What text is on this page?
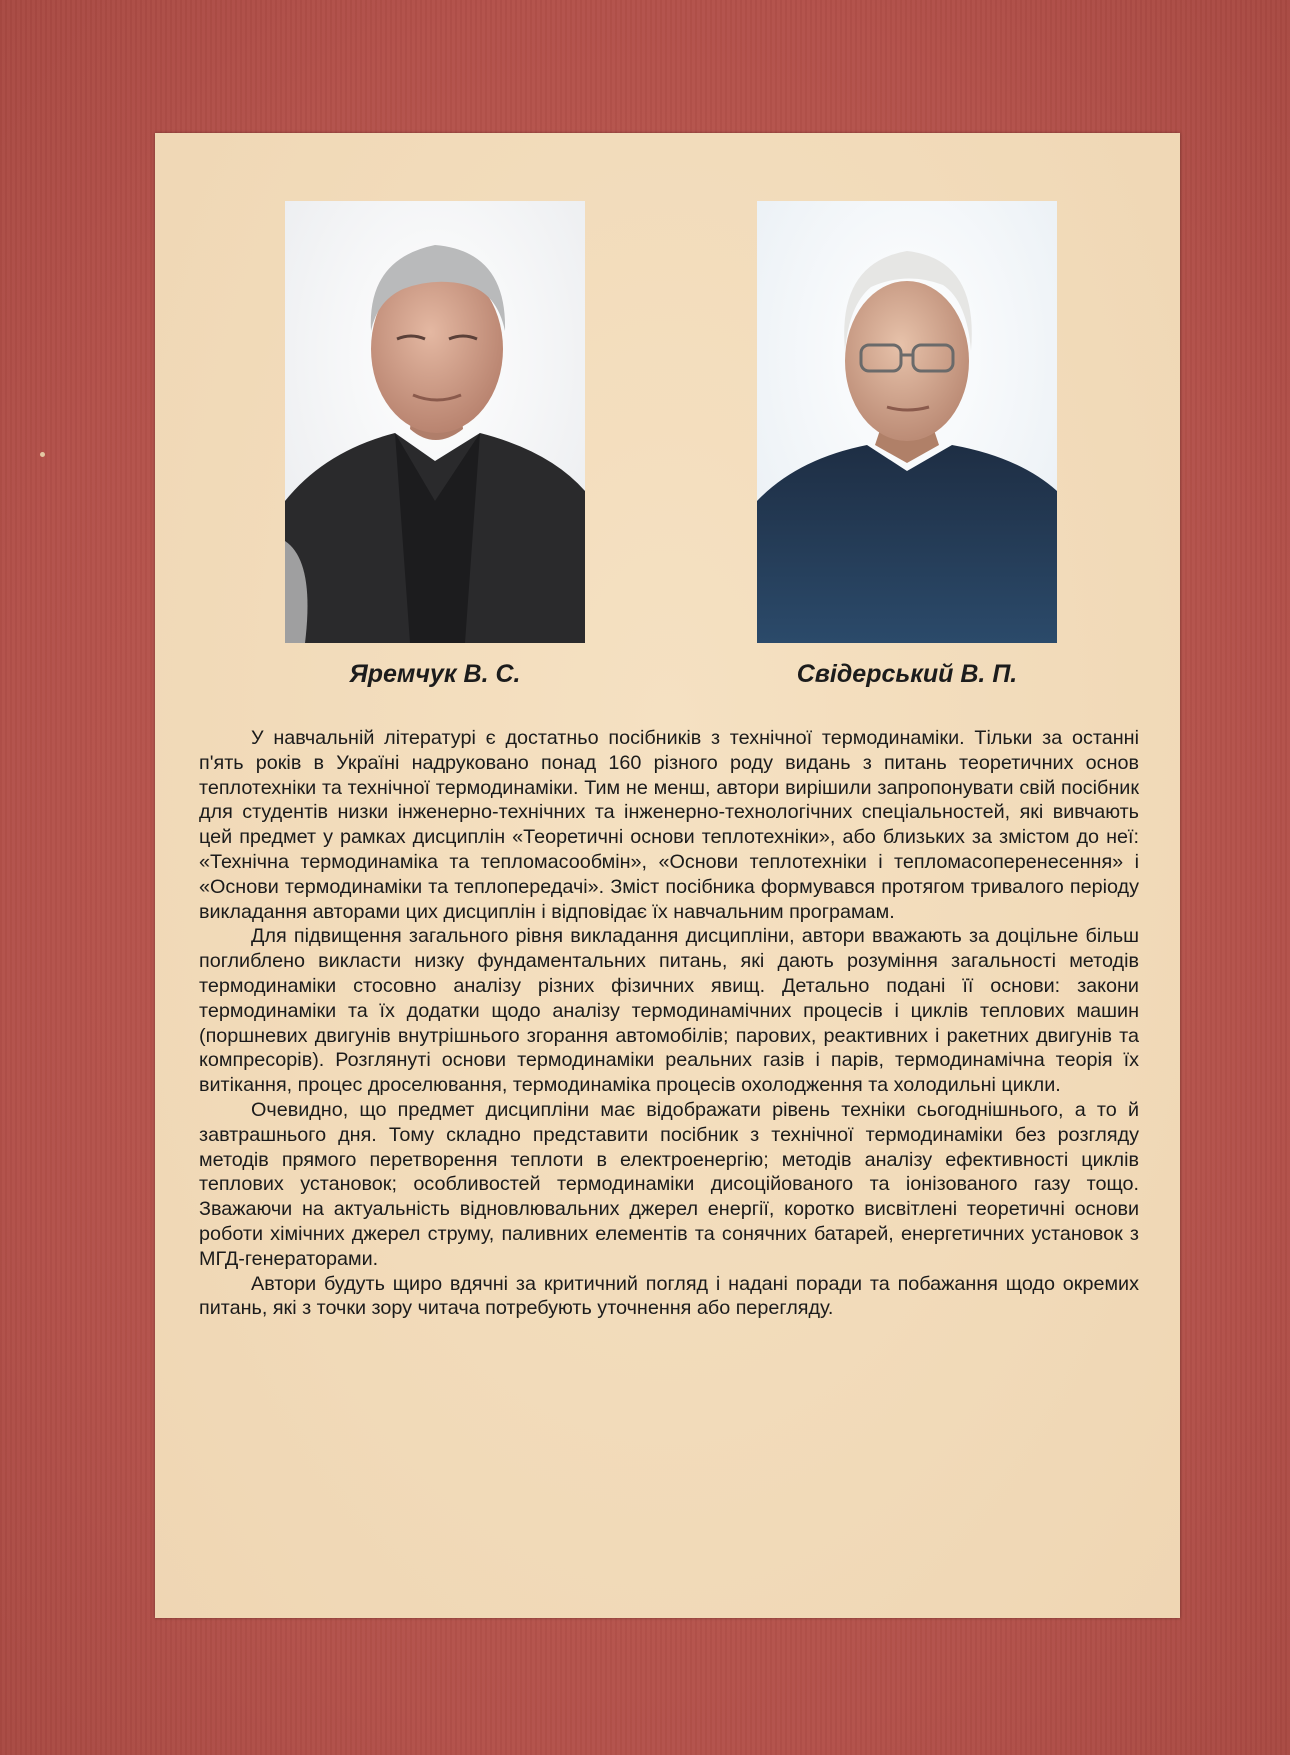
Яремчук В. С.	Свідерський В. П.

У навчальній літературі є достатньо посібників з технічної термодинаміки. Тільки за останні п'ять років в Україні надруковано понад 160 різного роду видань з питань теоретичних основ теплотехніки та технічної термодинаміки. Тим не менш, автори вирішили запропонувати свій посібник для студентів низки інженерно-технічних та інженерно-технологічних спеціальностей, які вивчають цей предмет у рамках дисциплін «Теоретичні основи теплотехніки», або близьких за змістом до неї: «Технічна термодинаміка та тепломасообмін», «Основи теплотехніки і тепломасоперенесення» і «Основи термодинаміки та теплопередачі». Зміст посібника формувався протягом тривалого періоду викладання авторами цих дисциплін і відповідає їх навчальним програмам.

Для підвищення загального рівня викладання дисципліни, автори вважають за доцільне більш поглиблено викласти низку фундаментальних питань, які дають розуміння загальності методів термодинаміки стосовно аналізу різних фізичних явищ. Детально подані її основи: закони термодинаміки та їх додатки щодо аналізу термодинамічних процесів і циклів теплових машин (поршневих двигунів внутрішнього згорання автомобілів; парових, реактивних і ракетних двигунів та компресорів). Розглянуті основи термодинаміки реальних газів і парів, термодинамічна теорія їх витікання, процес дроселювання, термодинаміка процесів охолодження та холодильні цикли.

Очевидно, що предмет дисципліни має відображати рівень техніки сьогоднішнього, а то й завтрашнього дня. Тому складно представити посібник з технічної термодинаміки без розгляду методів прямого перетворення теплоти в електроенергію; методів аналізу ефективності циклів теплових установок; особливостей термодинаміки дисоційованого та іонізованого газу тощо. Зважаючи на актуальність відновлювальних джерел енергії, коротко висвітлені теоретичні основи роботи хімічних джерел струму, паливних елементів та сонячних батарей, енергетичних установок з МГД-генераторами.

Автори будуть щиро вдячні за критичний погляд і надані поради та побажання щодо окремих питань, які з точки зору читача потребують уточнення або перегляду.
